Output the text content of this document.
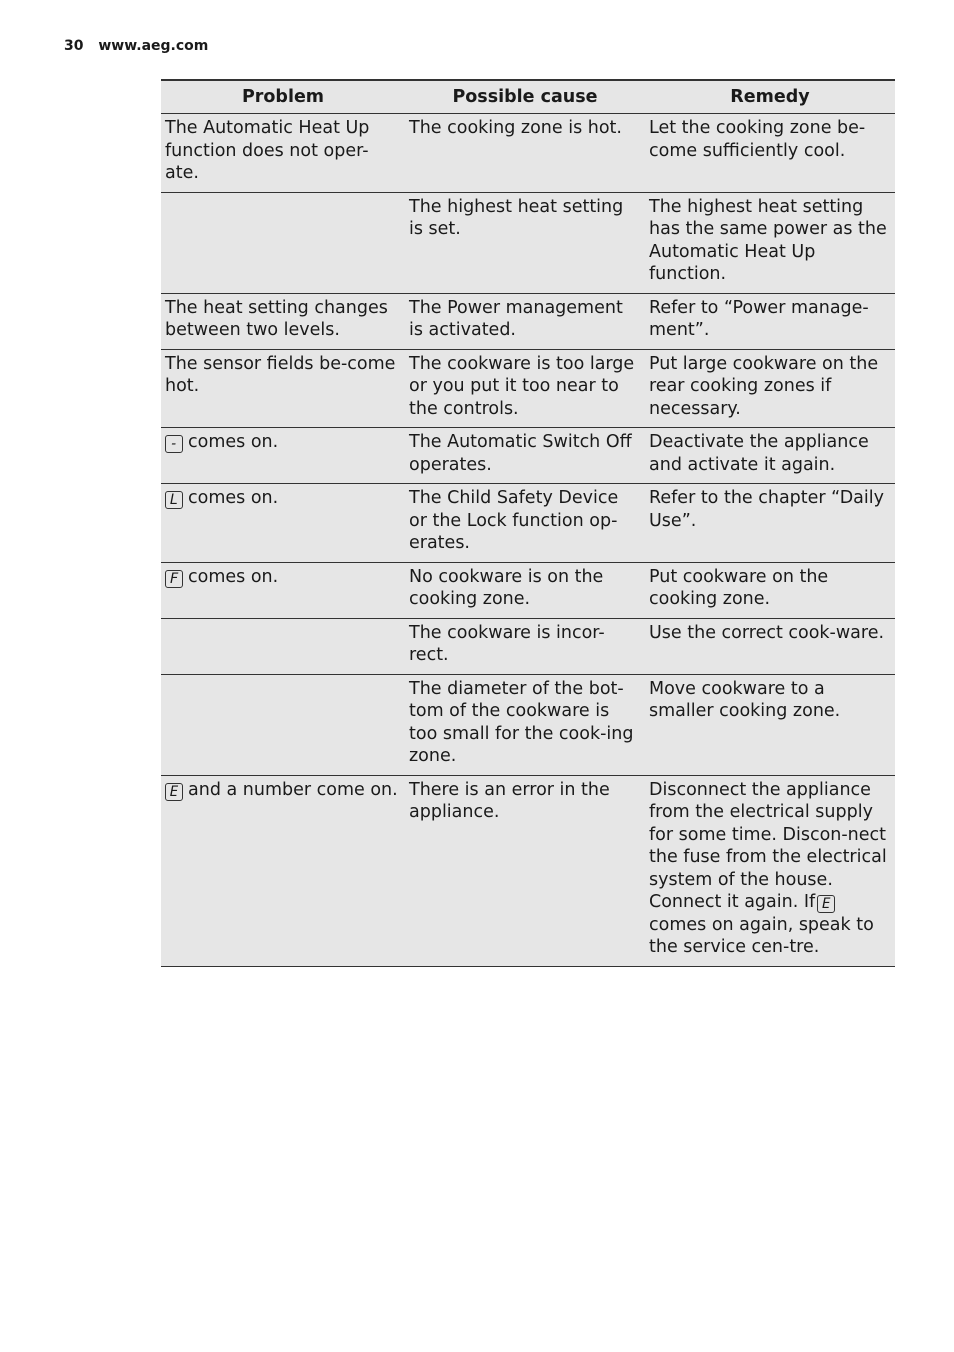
30 www.aeg.com
Problem	Possible cause	Remedy
The Automatic Heat Up function does not oper-ate.	The cooking zone is hot.	Let the cooking zone be-come sufficiently cool.
	The highest heat setting is set.	The highest heat setting has the same power as the Automatic Heat Up function.
The heat setting changes between two levels.	The Power management is activated.	Refer to “Power manage-ment”.
The sensor fields be-come hot.	The cookware is too large or you put it too near to the controls.	Put large cookware on the rear cooking zones if necessary.
- comes on.	The Automatic Switch Off operates.	Deactivate the appliance and activate it again.
L comes on.	The Child Safety Device or the Lock function op-erates.	Refer to the chapter “Daily Use”.
F comes on.	No cookware is on the cooking zone.	Put cookware on the cooking zone.
	The cookware is incor-rect.	Use the correct cook-ware.
	The diameter of the bot-tom of the cookware is too small for the cook-ing zone.	Move cookware to a smaller cooking zone.
E and a number come on.	There is an error in the appliance.	Disconnect the appliance from the electrical supply for some time. Discon-nect the fuse from the electrical system of the house. Connect it again. If Ecomes on again, speak to the service cen-tre.
